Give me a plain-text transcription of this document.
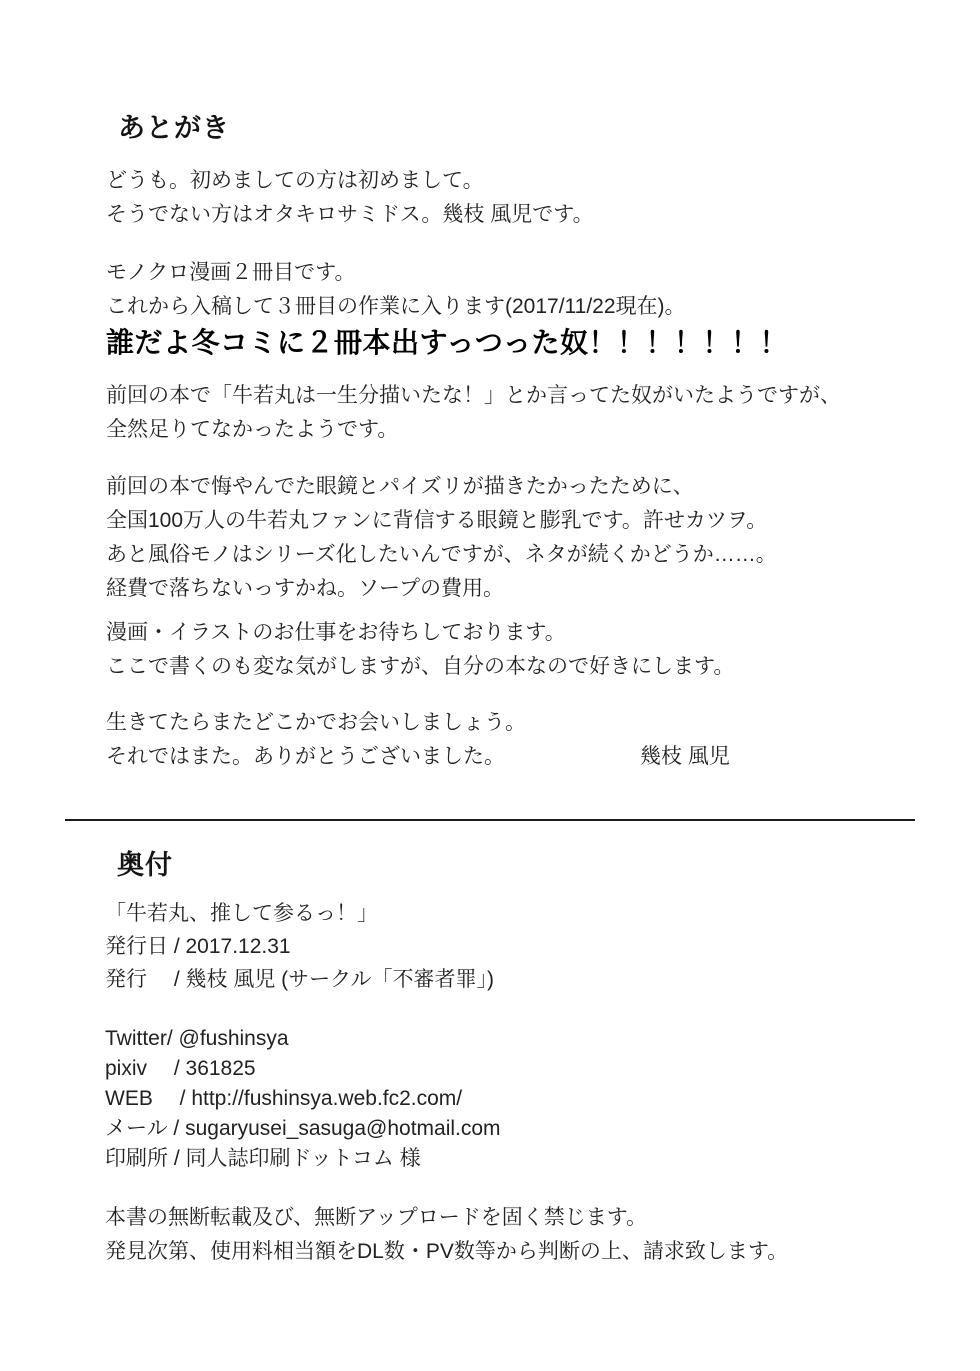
あとがき
どうも。初めましての方は初めまして。
そうでない方はオタキロサミドス。幾枝 風児です。
モノクロ漫画２冊目です。
これから入稿して３冊目の作業に入ります(2017/11/22現在)。
誰だよ冬コミに２冊本出すっつった奴！！！！！！！
前回の本で「牛若丸は一生分描いたな！」とか言ってた奴がいたようですが、
全然足りてなかったようです。
前回の本で悔やんでた眼鏡とパイズリが描きたかったために、
全国100万人の牛若丸ファンに背信する眼鏡と膨乳です。許せカツヲ。
あと風俗モノはシリーズ化したいんですが、ネタが続くかどうか……。
経費で落ちないっすかね。ソープの費用。
漫画・イラストのお仕事をお待ちしております。
ここで書くのも変な気がしますが、自分の本なので好きにします。
生きてたらまたどこかでお会いしましょう。
それではまた。ありがとうございました。	幾枝 風児
奥付
「牛若丸、推して参るっ！」
発行日 / 2017.12.31
発行　 / 幾枝 風児 (サークル「不審者罪」)
Twitter/ @fushinsya
pixiv　 / 361825
WEB　 / http://fushinsya.web.fc2.com/
メール / sugaryusei_sasuga@hotmail.com
印刷所 / 同人誌印刷ドットコム 様
本書の無断転載及び、無断アップロードを固く禁じます。
発見次第、使用料相当額をDL数・PV数等から判断の上、請求致します。
